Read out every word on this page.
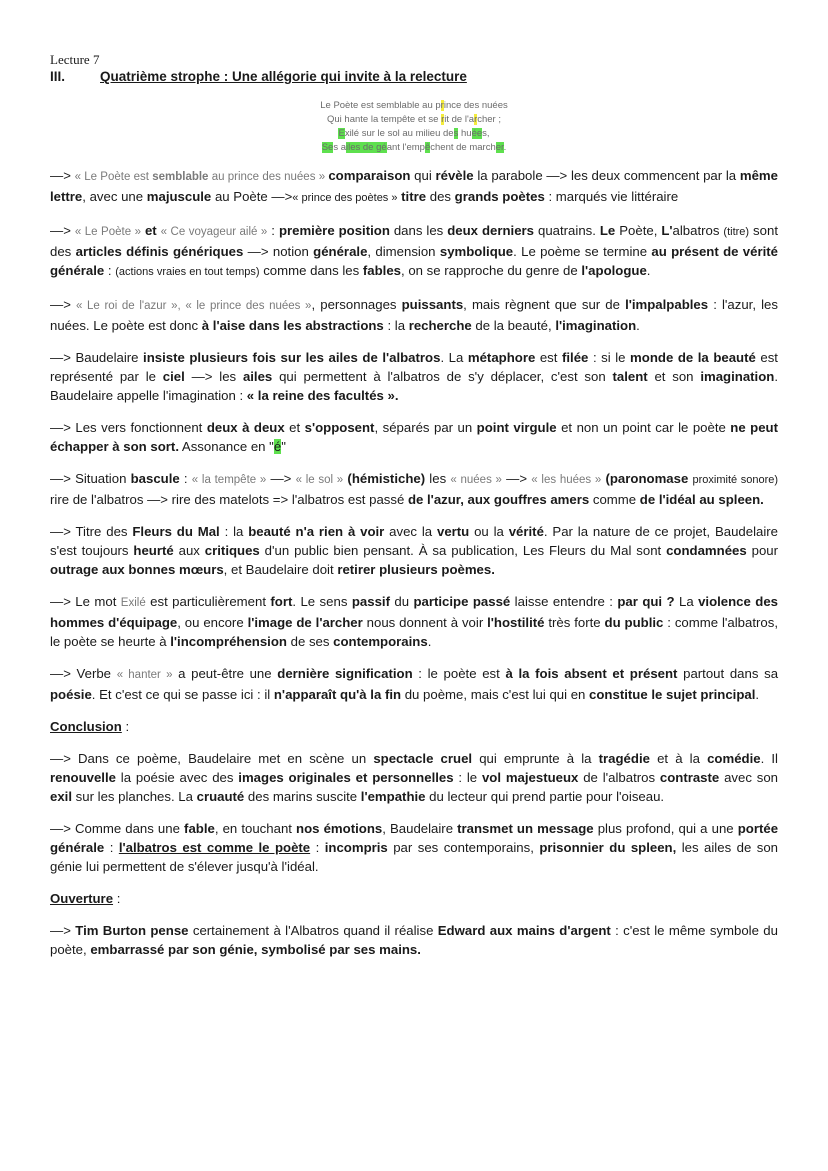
Lecture 7
III.	Quatrième strophe : Une allégorie qui invite à la relecture
Le Poète est semblable au prince des nuées
Qui hante la tempête et se rit de l'archer ;
Exilé sur le sol au milieu des huées,
Ses ailes de géant l'empêchent de marcher.

—> « Le Poète est semblable au prince des nuées » comparaison qui révèle la parabole —> les deux commencent par la même lettre, avec une majuscule au Poète —>« prince des poètes » titre des grands poètes : marqués vie littéraire

—> « Le Poète » et « Ce voyageur ailé » : première position dans les deux derniers quatrains. Le Poète, L'albatros (titre) sont des articles définis génériques —> notion générale, dimension symbolique. Le poème se termine au présent de vérité générale : (actions vraies en tout temps) comme dans les fables, on se rapproche du genre de l'apologue.

—> « Le roi de l'azur », « le prince des nuées », personnages puissants, mais règnent que sur de l'impalpables : l'azur, les nuées. Le poète est donc à l'aise dans les abstractions : la recherche de la beauté, l'imagination.

—> Baudelaire insiste plusieurs fois sur les ailes de l'albatros. La métaphore est filée : si le monde de la beauté est représenté par le ciel —> les ailes qui permettent à l'albatros de s'y déplacer, c'est son talent et son imagination. Baudelaire appelle l'imagination : « la reine des facultés ».

—> Les vers fonctionnent deux à deux et s'opposent, séparés par un point virgule et non un point car le poète ne peut échapper à son sort. Assonance en "é"

—> Situation bascule : « la tempête » —> « le sol » (hémistiche) les « nuées » —> « les huées » (paronomase proximité sonore) rire de l'albatros —> rire des matelots => l'albatros est passé de l'azur, aux gouffres amers comme de l'idéal au spleen.

—> Titre des Fleurs du Mal : la beauté n'a rien à voir avec la vertu ou la vérité. Par la nature de ce projet, Baudelaire s'est toujours heurté aux critiques d'un public bien pensant. À sa publication, Les Fleurs du Mal sont condamnées pour outrage aux bonnes mœurs, et Baudelaire doit retirer plusieurs poèmes.

—> Le mot Exilé est particulièrement fort. Le sens passif du participe passé laisse entendre : par qui ? La violence des hommes d'équipage, ou encore l'image de l'archer nous donnent à voir l'hostilité très forte du public : comme l'albatros, le poète se heurte à l'incompréhension de ses contemporains.

—> Verbe « hanter » a peut-être une dernière signification : le poète est à la fois absent et présent partout dans sa poésie. Et c'est ce qui se passe ici : il n'apparaît qu'à la fin du poème, mais c'est lui qui en constitue le sujet principal.

Conclusion :

—> Dans ce poème, Baudelaire met en scène un spectacle cruel qui emprunte à la tragédie et à la comédie. Il renouvelle la poésie avec des images originales et personnelles : le vol majestueux de l'albatros contraste avec son exil sur les planches. La cruauté des marins suscite l'empathie du lecteur qui prend partie pour l'oiseau.

—> Comme dans une fable, en touchant nos émotions, Baudelaire transmet un message plus profond, qui a une portée générale : l'albatros est comme le poète : incompris par ses contemporains, prisonnier du spleen, les ailes de son génie lui permettent de s'élever jusqu'à l'idéal.

Ouverture :

—> Tim Burton pense certainement à l'Albatros quand il réalise Edward aux mains d'argent : c'est le même symbole du poète, embarrassé par son génie, symbolisé par ses mains.
